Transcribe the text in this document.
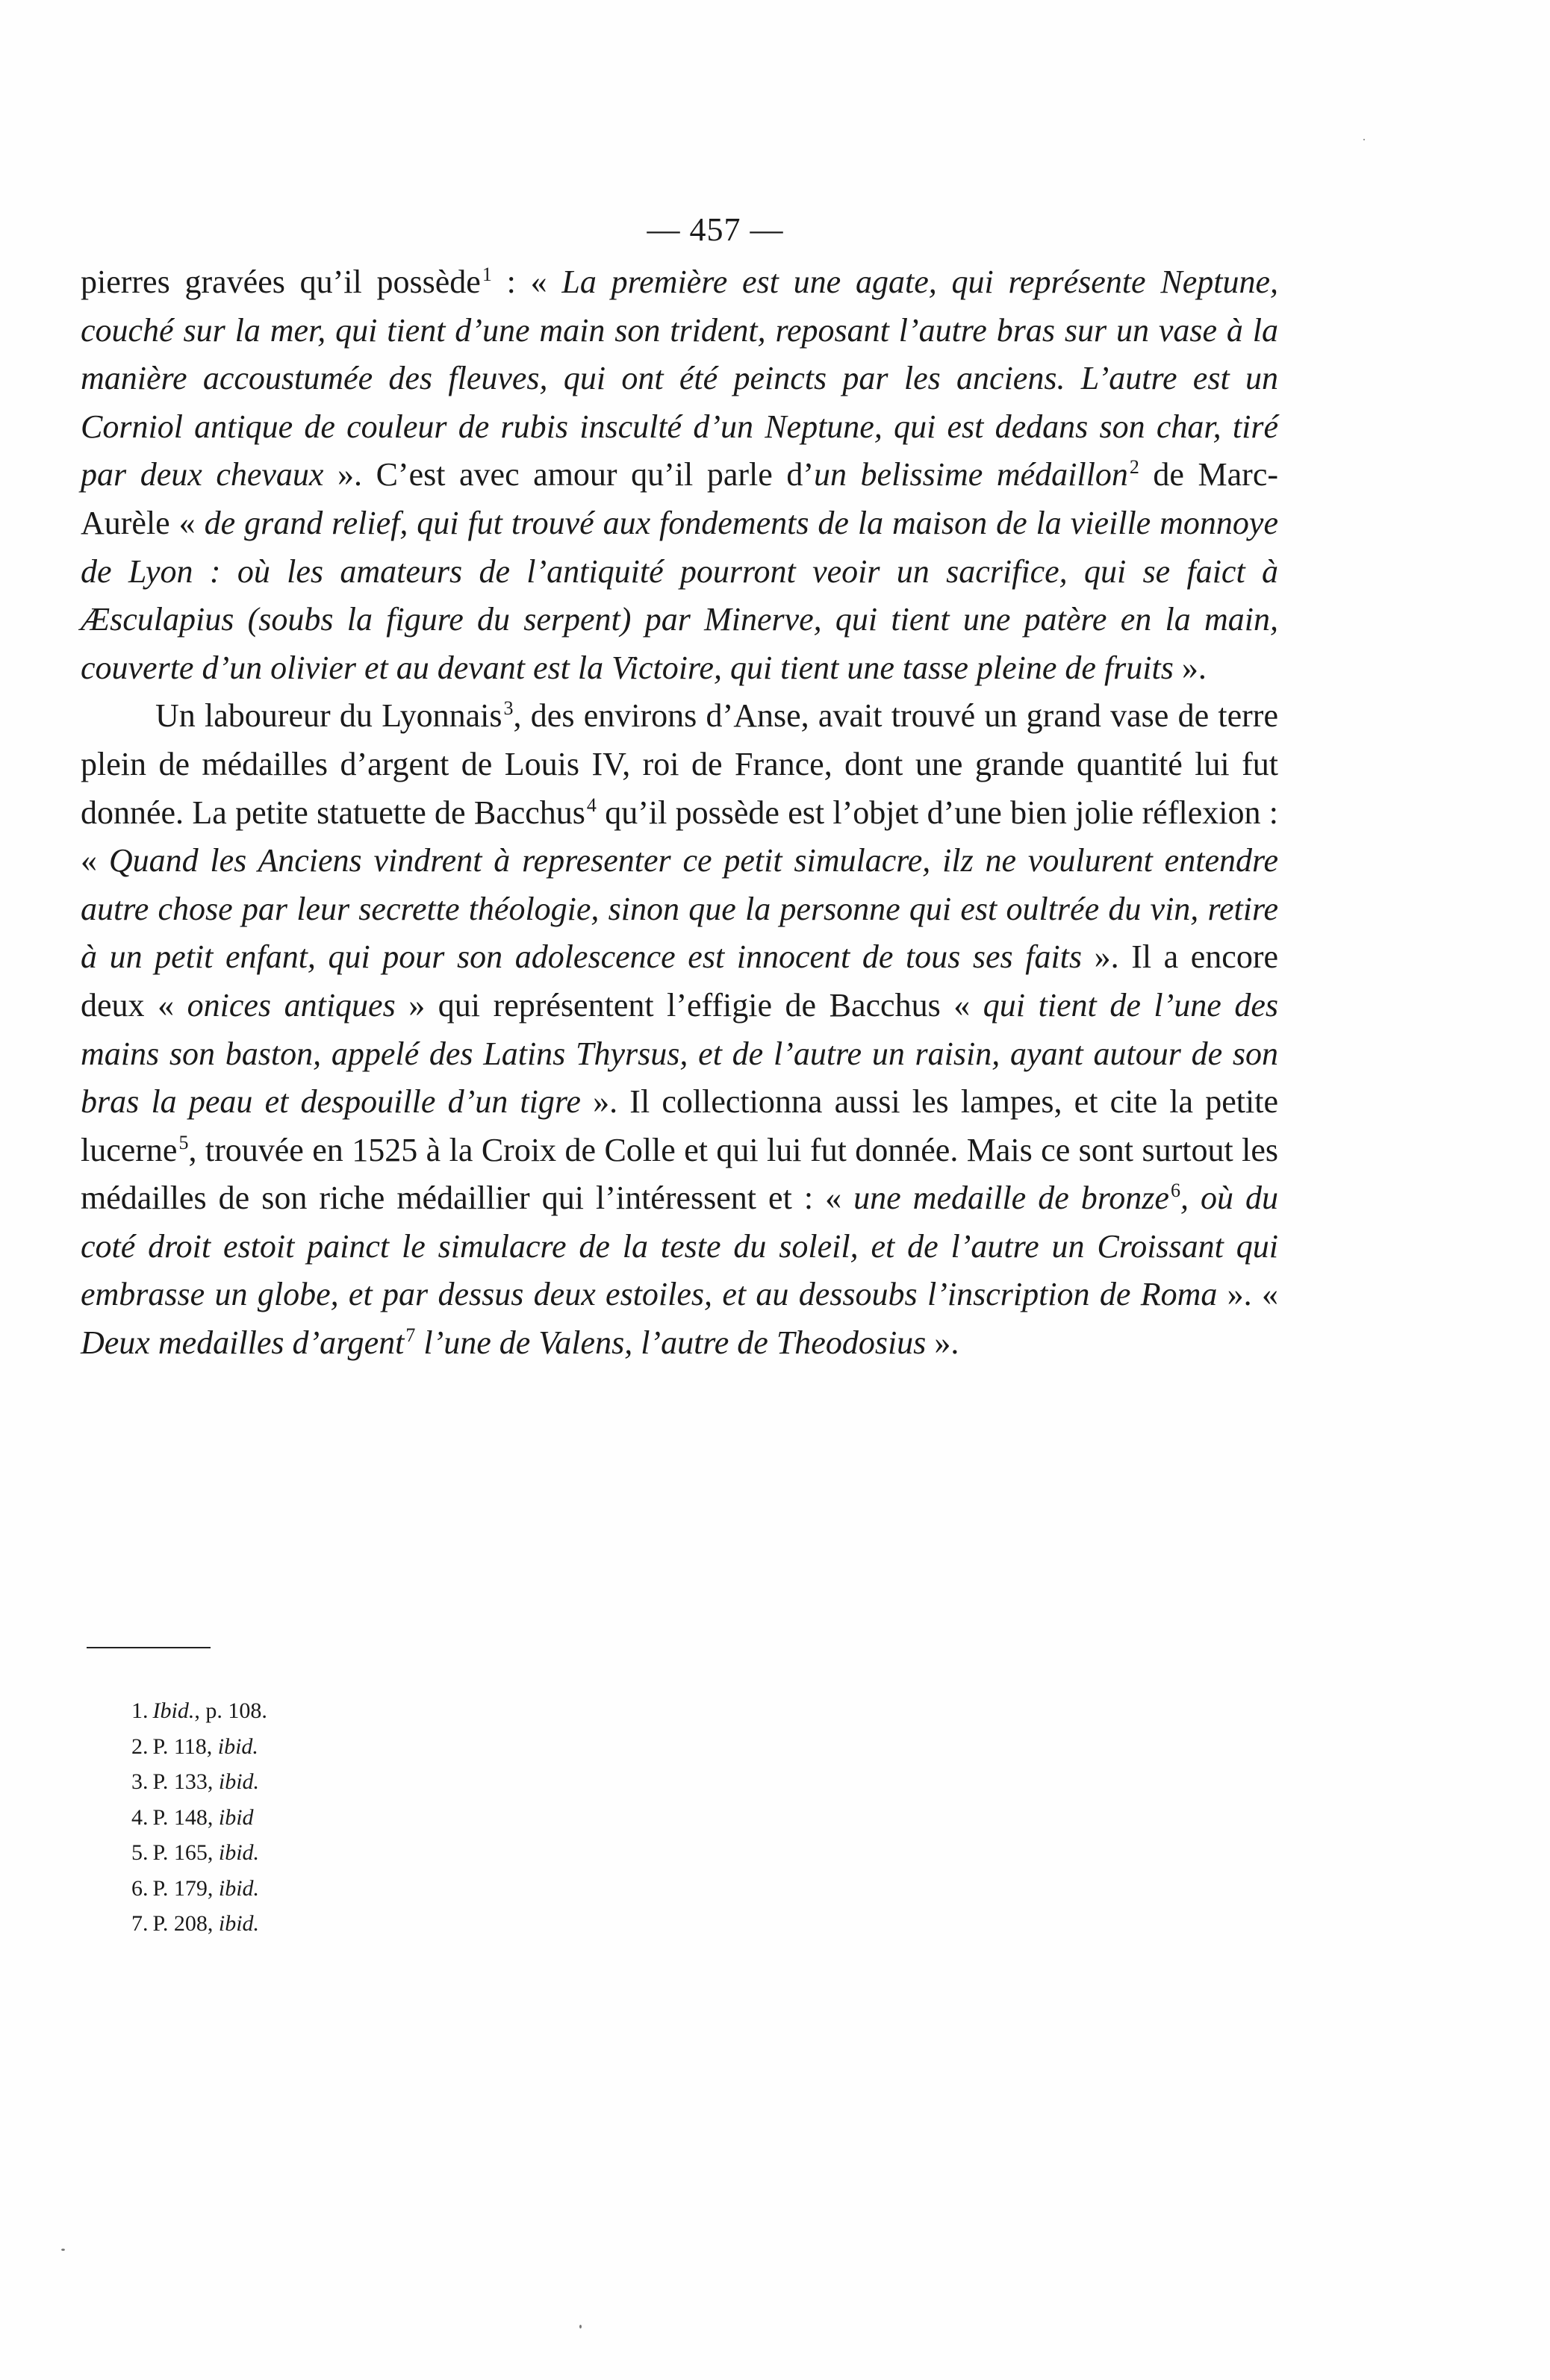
— 457 —

pierres gravées qu’il possède$^1$ : « La première est une agate, qui représente Neptune, couché sur la mer, qui tient d’une main son trident, reposant l’autre bras sur un vase à la manière accoustumée des fleuves, qui ont été peincts par les anciens. L’autre est un Corniol antique de couleur de rubis insculté d’un Neptune, qui est dedans son char, tiré par deux chevaux ». C’est avec amour qu’il parle d’un belissime médaillon$^2$ de Marc-Aurèle « de grand relief, qui fut trouvé aux fondements de la maison de la vieille monnoye de Lyon : où les amateurs de l’antiquité pourront veoir un sacrifice, qui se faict à Æsculapius (soubs la figure du serpent) par Minerve, qui tient une patère en la main, couverte d’un olivier et au devant est la Victoire, qui tient une tasse pleine de fruits ».

Un laboureur du Lyonnais$^3$, des environs d’Anse, avait trouvé un grand vase de terre plein de médailles d’argent de Louis IV, roi de France, dont une grande quantité lui fut donnée. La petite statuette de Bacchus$^4$ qu’il possède est l’objet d’une bien jolie réflexion : « Quand les Anciens vindrent à representer ce petit simulacre, ilz ne voulurent entendre autre chose par leur secrette théologie, sinon que la personne qui est oultrée du vin, retire à un petit enfant, qui pour son adolescence est innocent de tous ses faits ». Il a encore deux « onices antiques » qui représentent l’effigie de Bacchus « qui tient de l’une des mains son baston, appelé des Latins Thyrsus, et de l’autre un raisin, ayant autour de son bras la peau et despouille d’un tigre ». Il collectionna aussi les lampes, et cite la petite lucerne$^5$, trouvée en 1525 à la Croix de Colle et qui lui fut donnée. Mais ce sont surtout les médailles de son riche médaillier qui l’intéressent et : « une medaille de bronze$^6$, où du coté droit estoit painct le simulacre de la teste du soleil, et de l’autre un Croissant qui embrasse un globe, et par dessus deux estoiles, et au dessoubs l’inscription de Roma ». « Deux medailles d’argent$^7$ l’une de Valens, l’autre de Theodosius ».

1. Ibid., p. 108.
2. P. 118, ibid.
3. P. 133, ibid.
4. P. 148, ibid
5. P. 165, ibid.
6. P. 179, ibid.
7. P. 208, ibid.
